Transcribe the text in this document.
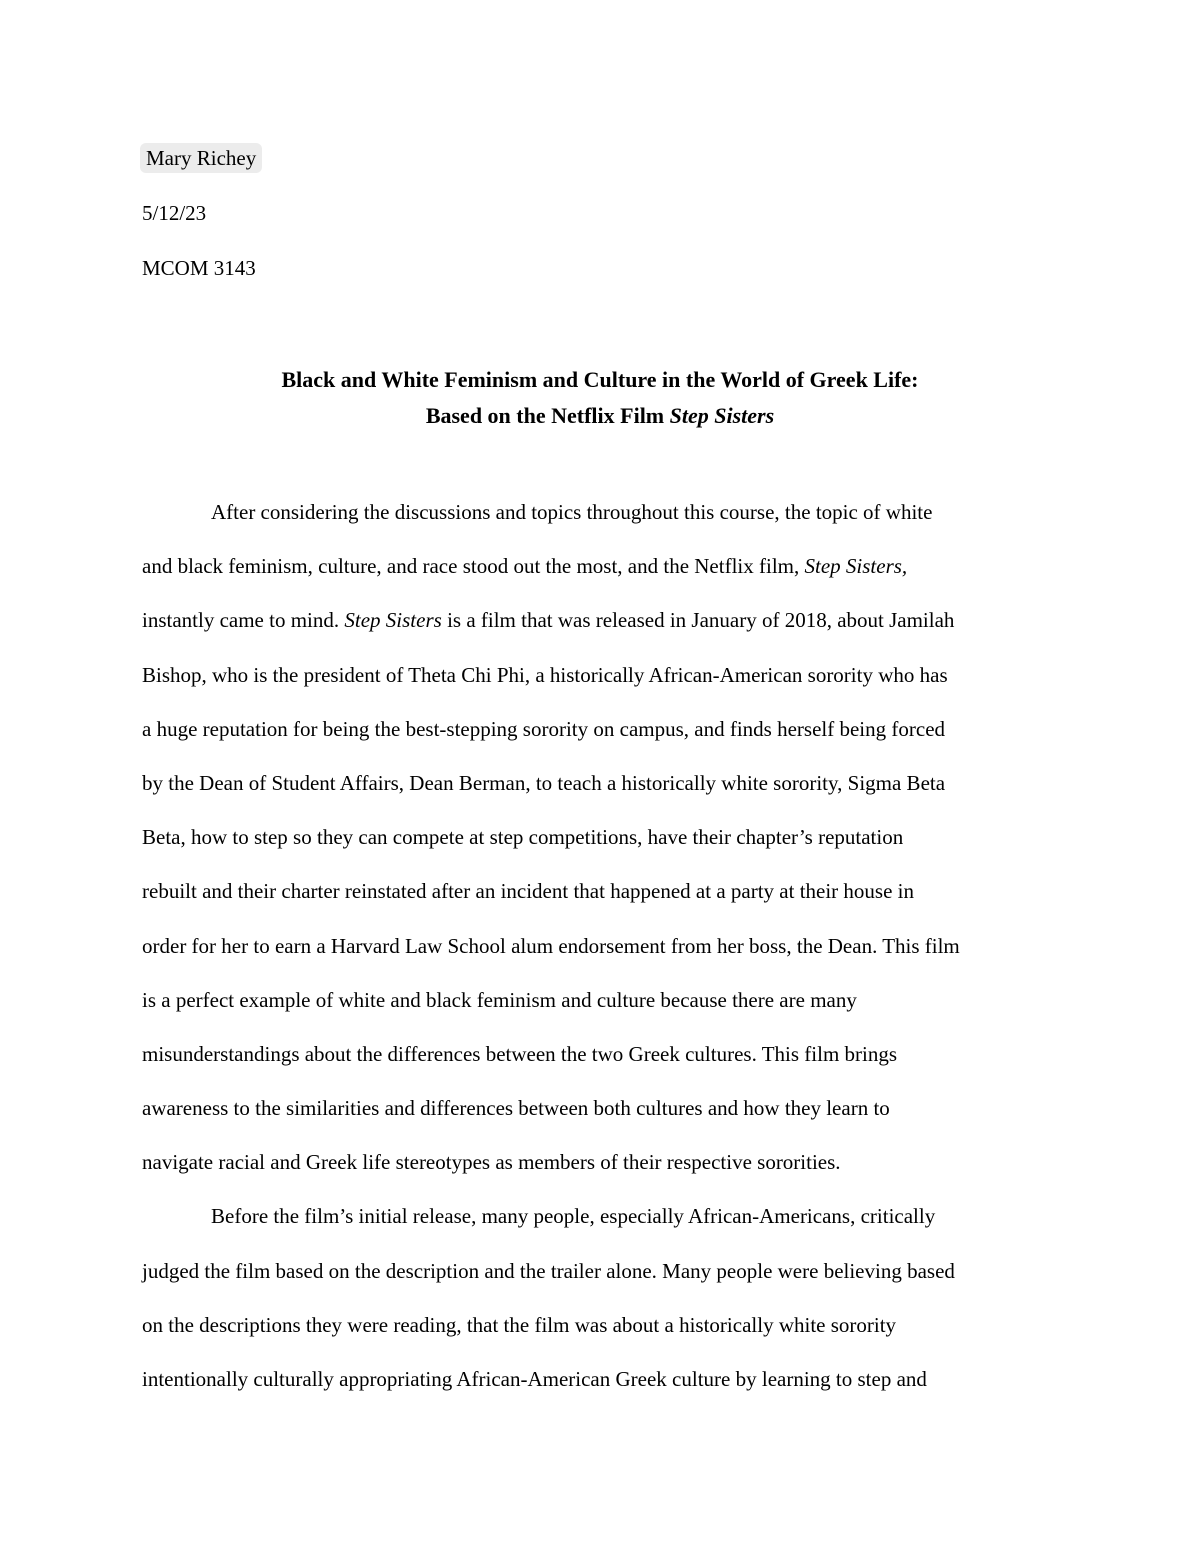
Mary Richey
5/12/23
MCOM 3143
Black and White Feminism and Culture in the World of Greek Life:
Based on the Netflix Film Step Sisters
After considering the discussions and topics throughout this course, the topic of white
and black feminism, culture, and race stood out the most, and the Netflix film, Step Sisters,
instantly came to mind. Step Sisters is a film that was released in January of 2018, about Jamilah
Bishop, who is the president of Theta Chi Phi, a historically African-American sorority who has
a huge reputation for being the best-stepping sorority on campus, and finds herself being forced
by the Dean of Student Affairs, Dean Berman, to teach a historically white sorority, Sigma Beta
Beta, how to step so they can compete at step competitions, have their chapter’s reputation
rebuilt and their charter reinstated after an incident that happened at a party at their house in
order for her to earn a Harvard Law School alum endorsement from her boss, the Dean. This film
is a perfect example of white and black feminism and culture because there are many
misunderstandings about the differences between the two Greek cultures. This film brings
awareness to the similarities and differences between both cultures and how they learn to
navigate racial and Greek life stereotypes as members of their respective sororities.
Before the film’s initial release, many people, especially African-Americans, critically
judged the film based on the description and the trailer alone. Many people were believing based
on the descriptions they were reading, that the film was about a historically white sorority
intentionally culturally appropriating African-American Greek culture by learning to step and
